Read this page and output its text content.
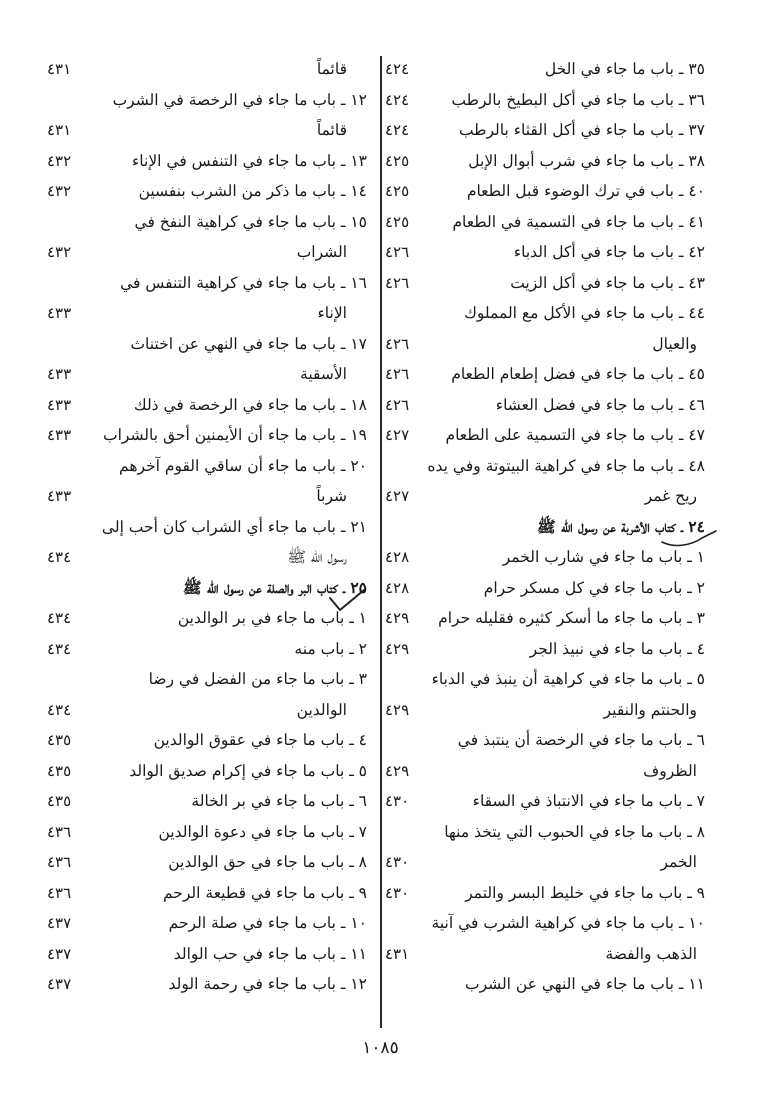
٣٥ ـ باب ما جاء في الخل
٤٢٤
٣٦ ـ باب ما جاء في أكل البطيخ بالرطب
٤٢٤
٣٧ ـ باب ما جاء في أكل القثاء بالرطب
٤٢٤
٣٨ ـ باب ما جاء في شرب أبوال الإبل
٤٢٥
٤٠ ـ باب في ترك الوضوء قبل الطعام
٤٢٥
٤١ ـ باب ما جاء في التسمية في الطعام
٤٢٥
٤٢ ـ باب ما جاء في أكل الدباء
٤٢٦
٤٣ ـ باب ما جاء في أكل الزيت
٤٢٦
٤٤ ـ باب ما جاء في الأكل مع المملوك
والعيال
٤٢٦
٤٥ ـ باب ما جاء في فضل إطعام الطعام
٤٢٦
٤٦ ـ باب ما جاء في فضل العشاء
٤٢٦
٤٧ ـ باب ما جاء في التسمية على الطعام
٤٢٧
٤٨ ـ باب ما جاء في كراهية البيتوتة وفي يده
ريح غمر
٤٢٧
٢٤ ـ كتاب الأشربة عن رسول الله ﷺ
١ ـ باب ما جاء في شارب الخمر
٤٢٨
٢ ـ باب ما جاء في كل مسكر حرام
٤٢٨
٣ ـ باب ما جاء ما أسكر كثيره فقليله حرام
٤٢٩
٤ ـ باب ما جاء في نبيذ الجر
٤٢٩
٥ ـ باب ما جاء في كراهية أن ينبذ في الدباء
والحنتم والنقير
٤٢٩
٦ ـ باب ما جاء في الرخصة أن ينتبذ في
الظروف
٤٢٩
٧ ـ باب ما جاء في الانتباذ في السقاء
٤٣٠
٨ ـ باب ما جاء في الحبوب التي يتخذ منها
الخمر
٤٣٠
٩ ـ باب ما جاء في خليط البسر والتمر
٤٣٠
١٠ ـ باب ما جاء في كراهية الشرب في آنية
الذهب والفضة
٤٣١
١١ ـ باب ما جاء في النهي عن الشرب
قائماً
٤٣١
١٢ ـ باب ما جاء في الرخصة في الشرب
قائماً
٤٣١
١٣ ـ باب ما جاء في التنفس في الإناء
٤٣٢
١٤ ـ باب ما ذكر من الشرب بنفسين
٤٣٢
١٥ ـ باب ما جاء في كراهية النفخ في
الشراب
٤٣٢
١٦ ـ باب ما جاء في كراهية التنفس في
الإناء
٤٣٣
١٧ ـ باب ما جاء في النهي عن اختناث
الأسقية
٤٣٣
١٨ ـ باب ما جاء في الرخصة في ذلك
٤٣٣
١٩ ـ باب ما جاء أن الأيمنين أحق بالشراب
٤٣٣
٢٠ ـ باب ما جاء أن ساقي القوم آخرهم
شرباً
٤٣٣
٢١ ـ باب ما جاء أي الشراب كان أحب إلى
رسول الله ﷺ
٤٣٤
٢٥ ـ كتاب البر والصلة عن رسول الله ﷺ
١ ـ باب ما جاء في بر الوالدين
٤٣٤
٢ ـ باب منه
٤٣٤
٣ ـ باب ما جاء من الفضل في رضا
الوالدين
٤٣٤
٤ ـ باب ما جاء في عقوق الوالدين
٤٣٥
٥ ـ باب ما جاء في إكرام صديق الوالد
٤٣٥
٦ ـ باب ما جاء في بر الخالة
٤٣٥
٧ ـ باب ما جاء في دعوة الوالدين
٤٣٦
٨ ـ باب ما جاء في حق الوالدين
٤٣٦
٩ ـ باب ما جاء في قطيعة الرحم
٤٣٦
١٠ ـ باب ما جاء في صلة الرحم
٤٣٧
١١ ـ باب ما جاء في حب الوالد
٤٣٧
١٢ ـ باب ما جاء في رحمة الولد
٤٣٧
١٠٨٥
